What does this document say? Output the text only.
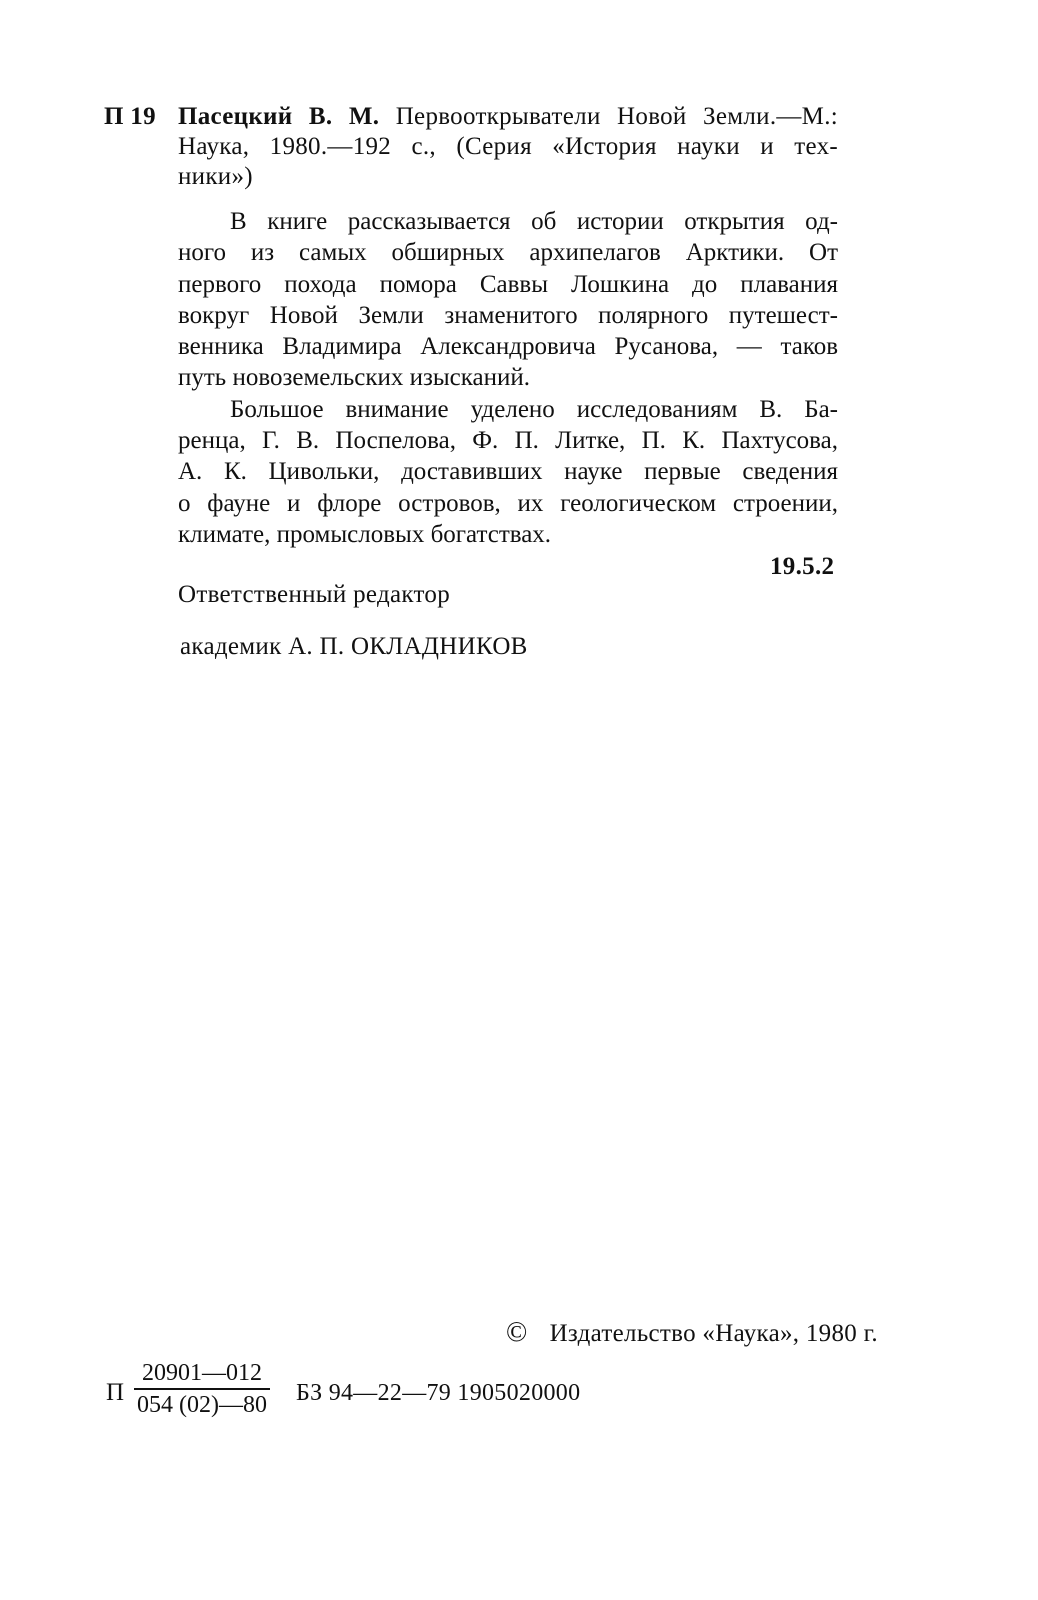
П 19 Пасецкий В. М. Первооткрыватели Новой Земли.—М.:
Наука, 1980.—192 с., (Серия «История науки и тех-
ники»)
В книге рассказывается об истории открытия од-
ного из самых обширных архипелагов Арктики. От
первого похода помора Саввы Лошкина до плавания
вокруг Новой Земли знаменитого полярного путешест-
венника Владимира Александровича Русанова, — таков
путь новоземельских изысканий.
Большое внимание уделено исследованиям В. Ба-
ренца, Г. В. Поспелова, Ф. П. Литке, П. К. Пахтусова,
А. К. Цивольки, доставивших науке первые сведения
о фауне и флоре островов, их геологическом строении,
климате, промысловых богатствах.
19.5.2
Ответственный редактор
академик А. П. ОКЛАДНИКОВ
© Издательство «Наука», 1980 г.
П
20901—012
054 (02)—80 БЗ 94—22—79 1905020000
